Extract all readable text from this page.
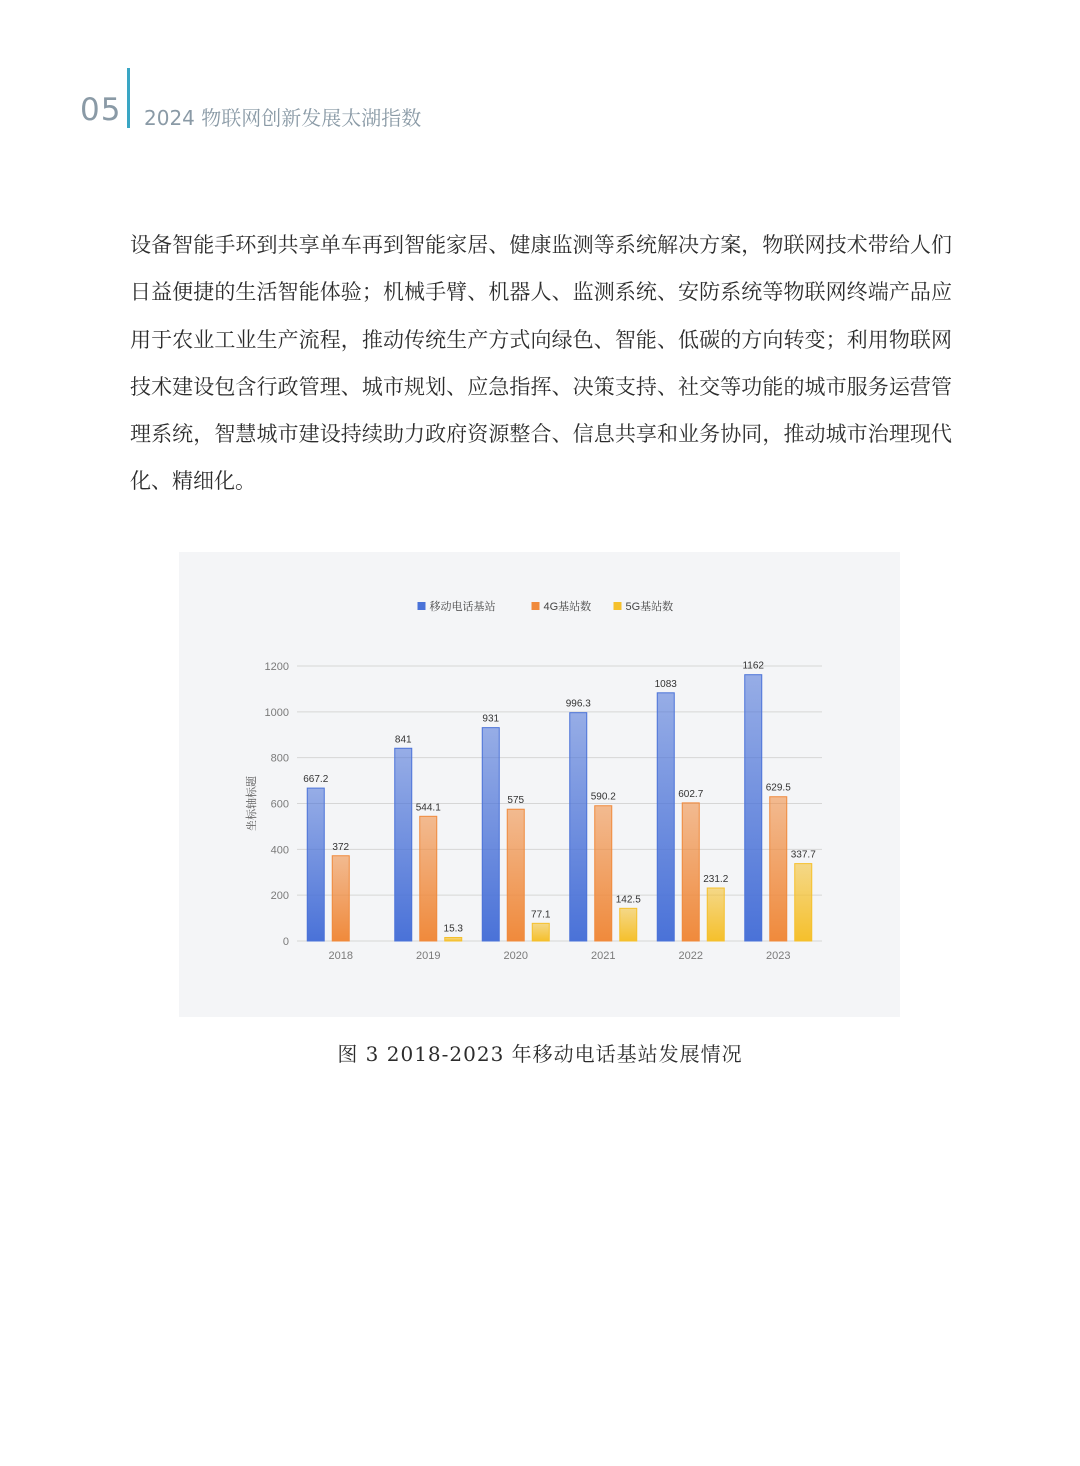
05 2024 物联网创新发展太湖指数

设备智能手环到共享单车再到智能家居、健康监测等系统解决方案，物联网技术带给人们日益便捷的生活智能体验；机械手臂、机器人、监测系统、安防系统等物联网终端产品应用于农业工业生产流程，推动传统生产方式向绿色、智能、低碳的方向转变；利用物联网技术建设包含行政管理、城市规划、应急指挥、决策支持、社交等功能的城市服务运营管理系统，智慧城市建设持续助力政府资源整合、信息共享和业务协同，推动城市治理现代化、精细化。

0
200
400
600
800
1000
1200
坐标轴标题
2018
667.2
372
2019
841
544.1
15.3
2020
931
575
77.1
2021
996.3
590.2
142.5
2022
1083
602.7
231.2
2023
1162
629.5
337.7
移动电话基站	4G基站数	5G基站数
图 3 2018-2023 年移动电话基站发展情况
